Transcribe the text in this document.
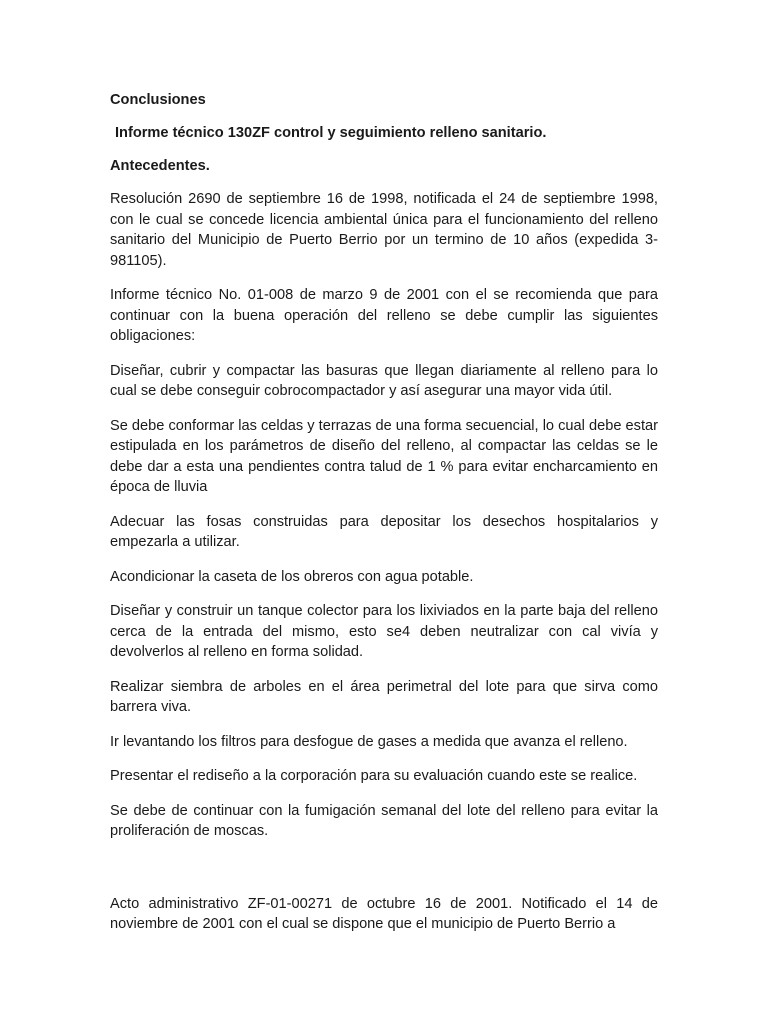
Conclusiones
Informe técnico 130ZF control y seguimiento relleno sanitario.
Antecedentes.

Resolución 2690 de septiembre 16 de 1998, notificada el 24 de septiembre 1998, con le cual se concede licencia ambiental única para el funcionamiento del relleno sanitario del Municipio de Puerto Berrio por un termino de 10 años (expedida 3-981105).

Informe técnico No. 01-008 de marzo 9 de 2001 con el se recomienda que para continuar con la buena operación del relleno se debe cumplir las siguientes obligaciones:

Diseñar, cubrir y compactar las basuras que llegan diariamente al relleno para lo cual se debe conseguir cobrocompactador y así asegurar una mayor vida útil.

Se debe conformar las celdas y terrazas de una forma secuencial, lo cual debe estar estipulada en los parámetros de diseño del relleno, al compactar las celdas se le debe dar a esta una pendientes contra talud de 1 % para evitar encharcamiento en época de lluvia

Adecuar las fosas construidas para depositar los desechos hospitalarios y empezarla a utilizar.

Acondicionar la caseta de los obreros con agua potable.

Diseñar y construir un tanque colector para los lixiviados en la parte baja del relleno cerca de la entrada del mismo, esto se4 deben neutralizar con cal vivía y devolverlos al relleno en forma solidad.

Realizar siembra de arboles en el área perimetral del lote para que sirva como barrera viva.

Ir levantando los filtros para desfogue de gases a medida que avanza el relleno.

Presentar el rediseño a la corporación para su evaluación cuando este se realice.

Se debe de continuar con la fumigación semanal del lote del relleno para evitar la proliferación de moscas.

Acto administrativo ZF-01-00271 de octubre 16 de 2001. Notificado el 14 de noviembre de 2001 con el cual se dispone que el municipio de Puerto Berrio a
